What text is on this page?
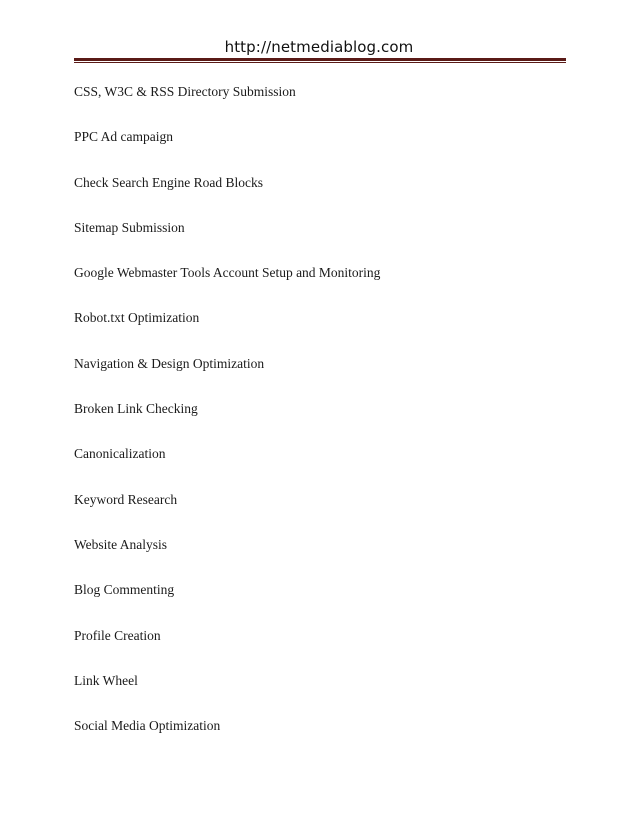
http://netmediablog.com
CSS, W3C & RSS Directory Submission
PPC Ad campaign
Check Search Engine Road Blocks
Sitemap Submission
Google Webmaster Tools Account Setup and Monitoring
Robot.txt Optimization
Navigation & Design Optimization
Broken Link Checking
Canonicalization
Keyword Research
Website Analysis
Blog Commenting
Profile Creation
Link Wheel
Social Media Optimization
